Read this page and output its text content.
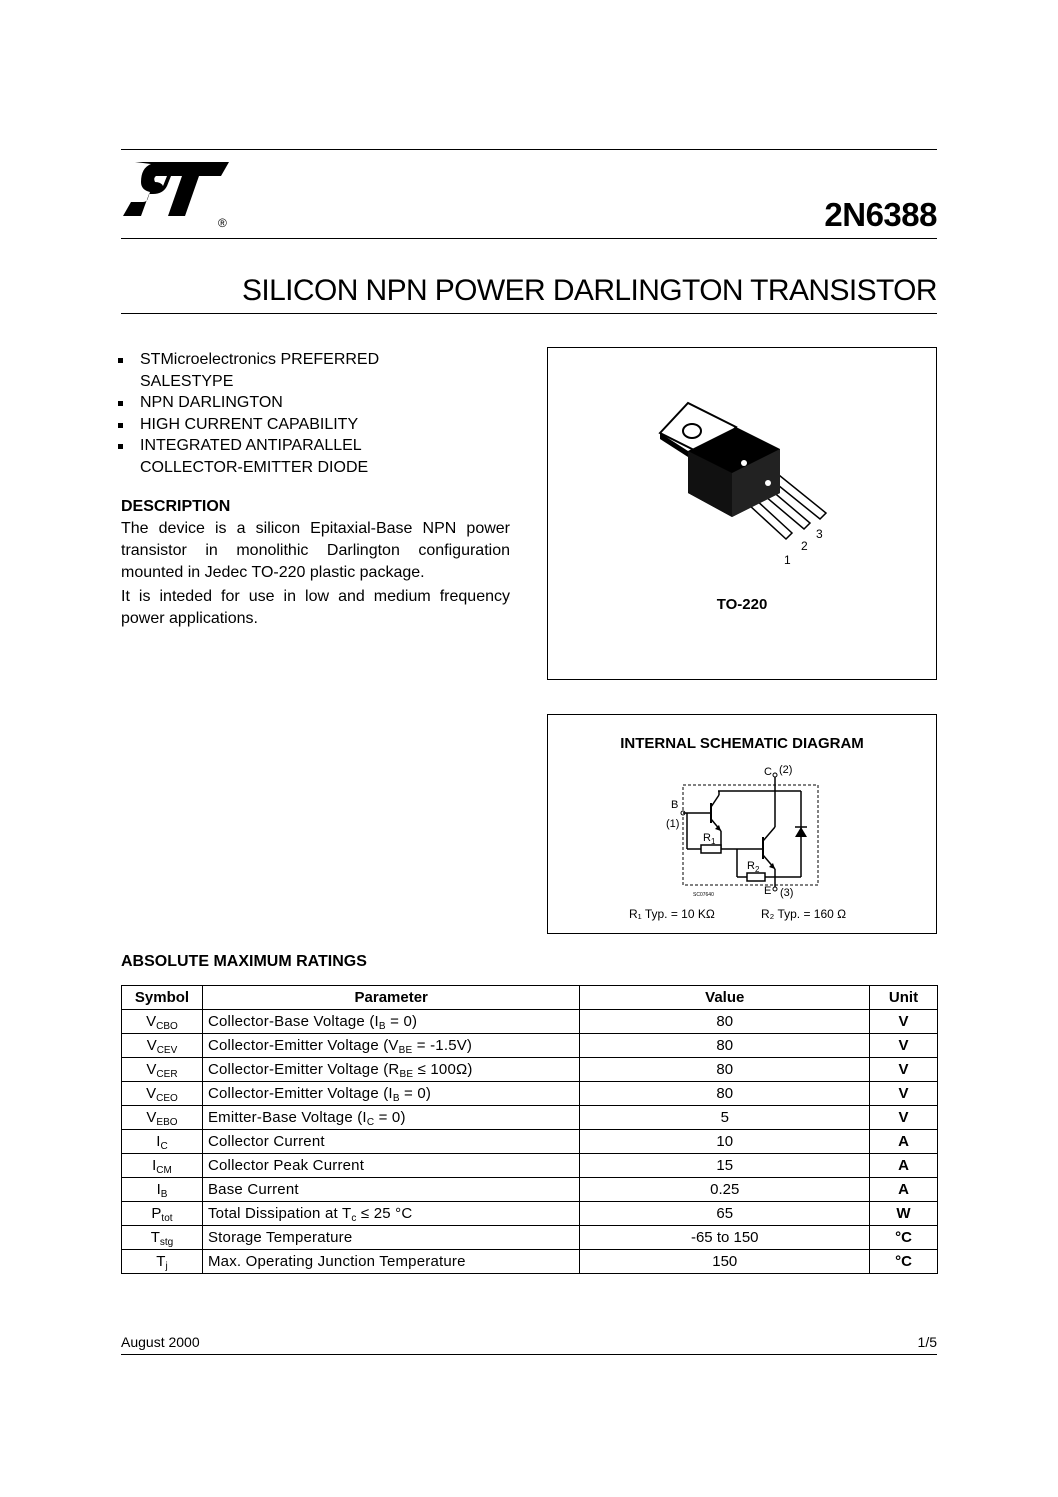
®	2N6388
SILICON NPN POWER DARLINGTON TRANSISTOR
STMicroelectronics PREFERRED SALESTYPE
NPN DARLINGTON
HIGH CURRENT CAPABILITY
INTEGRATED ANTIPARALLEL COLLECTOR-EMITTER DIODE
DESCRIPTION

The device is a silicon Epitaxial-Base NPN power transistor in monolithic Darlington configuration mounted in Jedec TO-220 plastic package.

It is inteded for use in low and medium frequency power applications.

1
2
3
TO-220
INTERNAL SCHEMATIC DIAGRAM
C (2)
B
(1)
R 1
R 2
E (3)
SC07640
R₁ Typ. = 10 KΩ	R₂ Typ. = 160 Ω
ABSOLUTE MAXIMUM RATINGS
Symbol	Parameter	Value	Unit
$V_{CBO}$	Collector-Base Voltage $(I_B = 0)$	80	V
$V_{CEV}$	Collector-Emitter Voltage $(V_{BE} = -1.5V)$	80	V
$V_{CER}$	Collector-Emitter Voltage $(R_{BE} \le 100\Omega)$	80	V
$V_{CEO}$	Collector-Emitter Voltage $(I_B = 0)$	80	V
$V_{EBO}$	Emitter-Base Voltage $(I_C = 0)$	5	V
$I_C$	Collector Current	10	A
$I_{CM}$	Collector Peak Current	15	A
$I_B$	Base Current	0.25	A
$P_{tot}$	Total Dissipation at $T_c \le 25$ °C	65	W
$T_{stg}$	Storage Temperature	-65 to 150	°C
$T_j$	Max. Operating Junction Temperature	150	°C
August 2000	1/5
